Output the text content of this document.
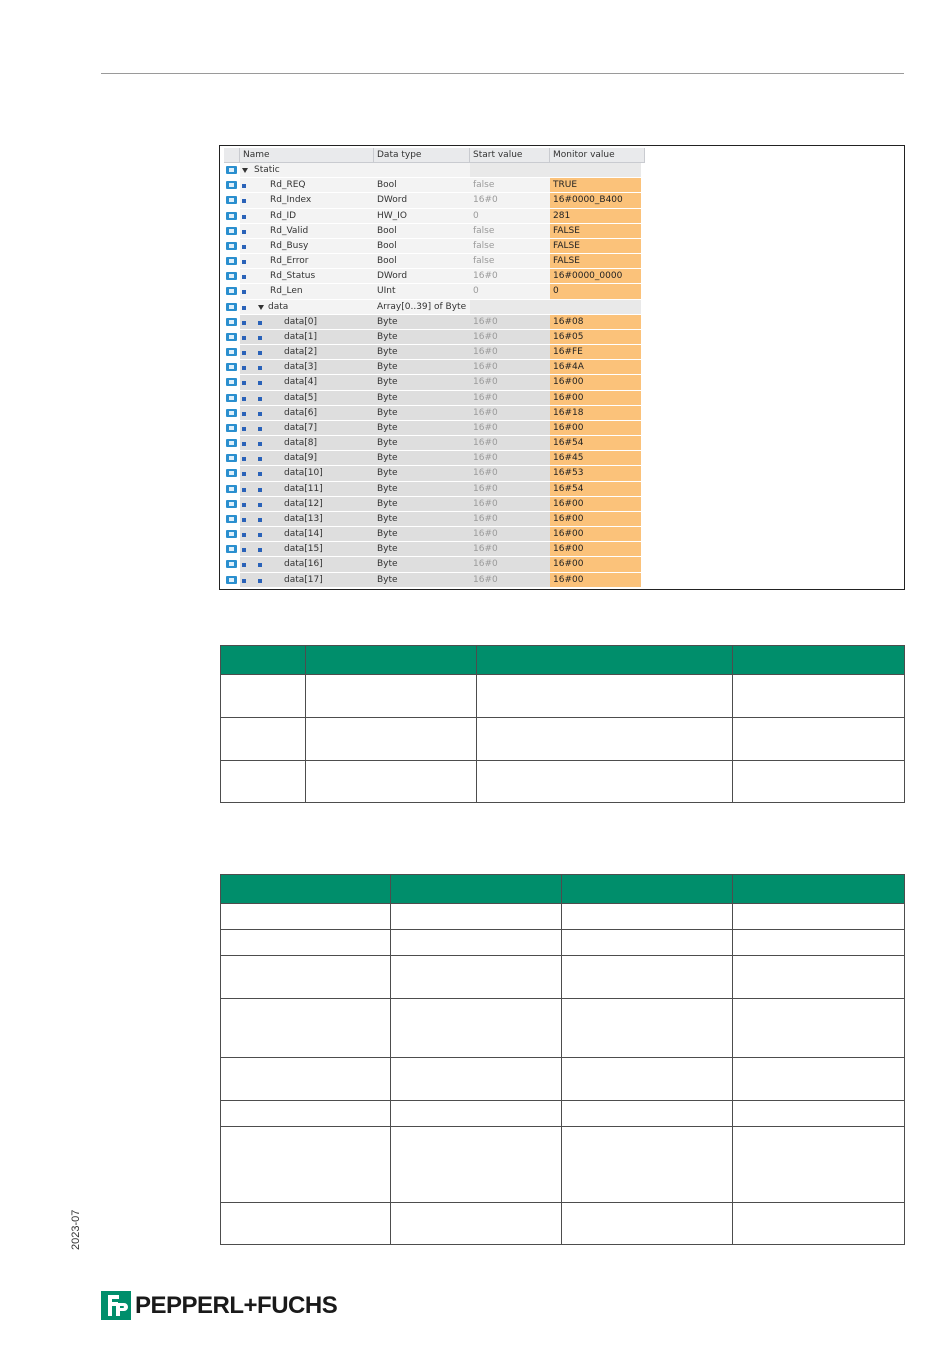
Name	Data type	Start value	Monitor value
Static
Rd_REQ	Bool	false	TRUE
Rd_Index	DWord	16#0	16#0000_B400
Rd_ID	HW_IO	0	281
Rd_Valid	Bool	false	FALSE
Rd_Busy	Bool	false	FALSE
Rd_Error	Bool	false	FALSE
Rd_Status	DWord	16#0	16#0000_0000
Rd_Len	UInt	0	0
data	Array[0..39] of Byte
data[0]	Byte	16#0	16#08
data[1]	Byte	16#0	16#05
data[2]	Byte	16#0	16#FE
data[3]	Byte	16#0	16#4A
data[4]	Byte	16#0	16#00
data[5]	Byte	16#0	16#00
data[6]	Byte	16#0	16#18
data[7]	Byte	16#0	16#00
data[8]	Byte	16#0	16#54
data[9]	Byte	16#0	16#45
data[10]	Byte	16#0	16#53
data[11]	Byte	16#0	16#54
data[12]	Byte	16#0	16#00
data[13]	Byte	16#0	16#00
data[14]	Byte	16#0	16#00
data[15]	Byte	16#0	16#00
data[16]	Byte	16#0	16#00
data[17]	Byte	16#0	16#00

2023-07
PEPPERL+FUCHS
